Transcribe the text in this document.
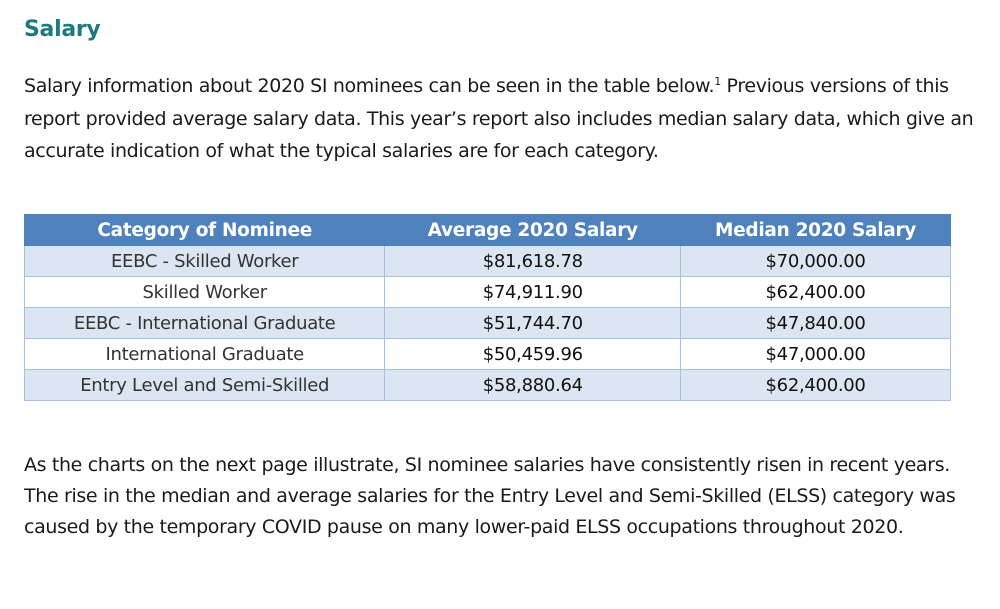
Salary

Salary information about 2020 SI nominees can be seen in the table below.$^1$ Previous versions of this report provided average salary data. This year’s report also includes median salary data, which give an accurate indication of what the typical salaries are for each category.

Category of Nominee	Average 2020 Salary	Median 2020 Salary
EEBC - Skilled Worker	$81,618.78	$70,000.00
Skilled Worker	$74,911.90	$62,400.00
EEBC - International Graduate	$51,744.70	$47,840.00
International Graduate	$50,459.96	$47,000.00
Entry Level and Semi-Skilled	$58,880.64	$62,400.00

As the charts on the next page illustrate, SI nominee salaries have consistently risen in recent years. The rise in the median and average salaries for the Entry Level and Semi-Skilled (ELSS) category was caused by the temporary COVID pause on many lower-paid ELSS occupations throughout 2020.
